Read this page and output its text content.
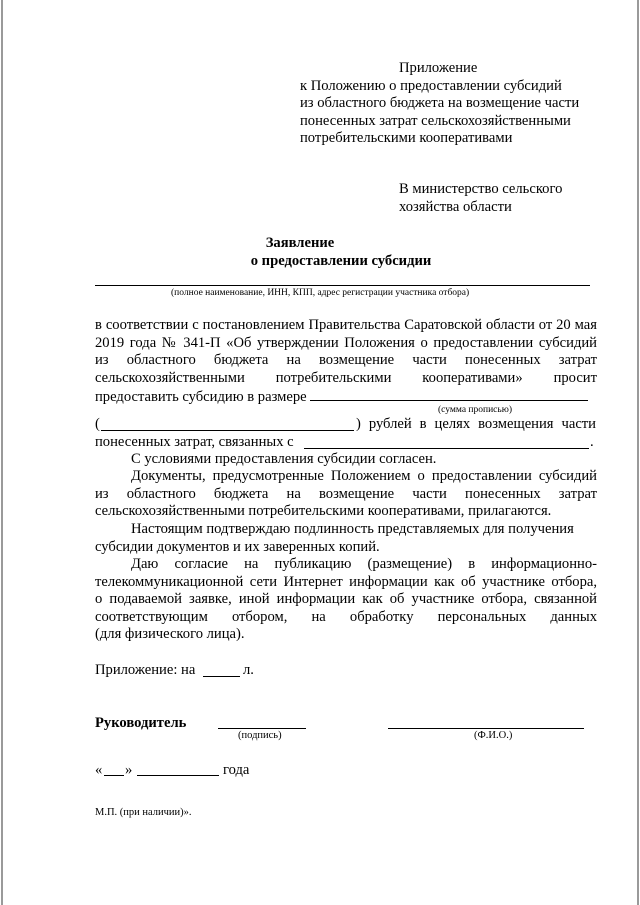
Приложение
к Положению о предоставлении субсидий
из областного бюджета на возмещение части
понесенных затрат сельскохозяйственными
потребительскими кооперативами
В министерство сельского
хозяйства области
Заявление
о предоставлении субсидии
(полное наименование, ИНН, КПП, адрес регистрации участника отбора)
в соответствии с постановлением Правительства Саратовской области от 20 мая
2019 года № 341-П «Об утверждении Положения о предоставлении субсидий
из областного бюджета на возмещение части понесенных затрат
сельскохозяйственными потребительскими кооперативами» просит
предоставить субсидию в размере
(сумма прописью)
(	) рублей в целях возмещения части
понесенных затрат, связанных с	.
С условиями предоставления субсидии согласен.
Документы, предусмотренные Положением о предоставлении субсидий
из областного бюджета на возмещение части понесенных затрат
сельскохозяйственными потребительскими кооперативами, прилагаются.
Настоящим подтверждаю подлинность представляемых для получения
субсидии документов и их заверенных копий.
Даю согласие на публикацию (размещение) в информационно-
телекоммуникационной сети Интернет информации как об участнике отбора,
о подаваемой заявке, иной информации как об участнике отбора, связанной
соответствующим отбором, на обработку персональных данных
(для физического лица).
Приложение: на	л.
Руководитель
(подпись)	(Ф.И.О.)
« »	года
М.П. (при наличии)».
